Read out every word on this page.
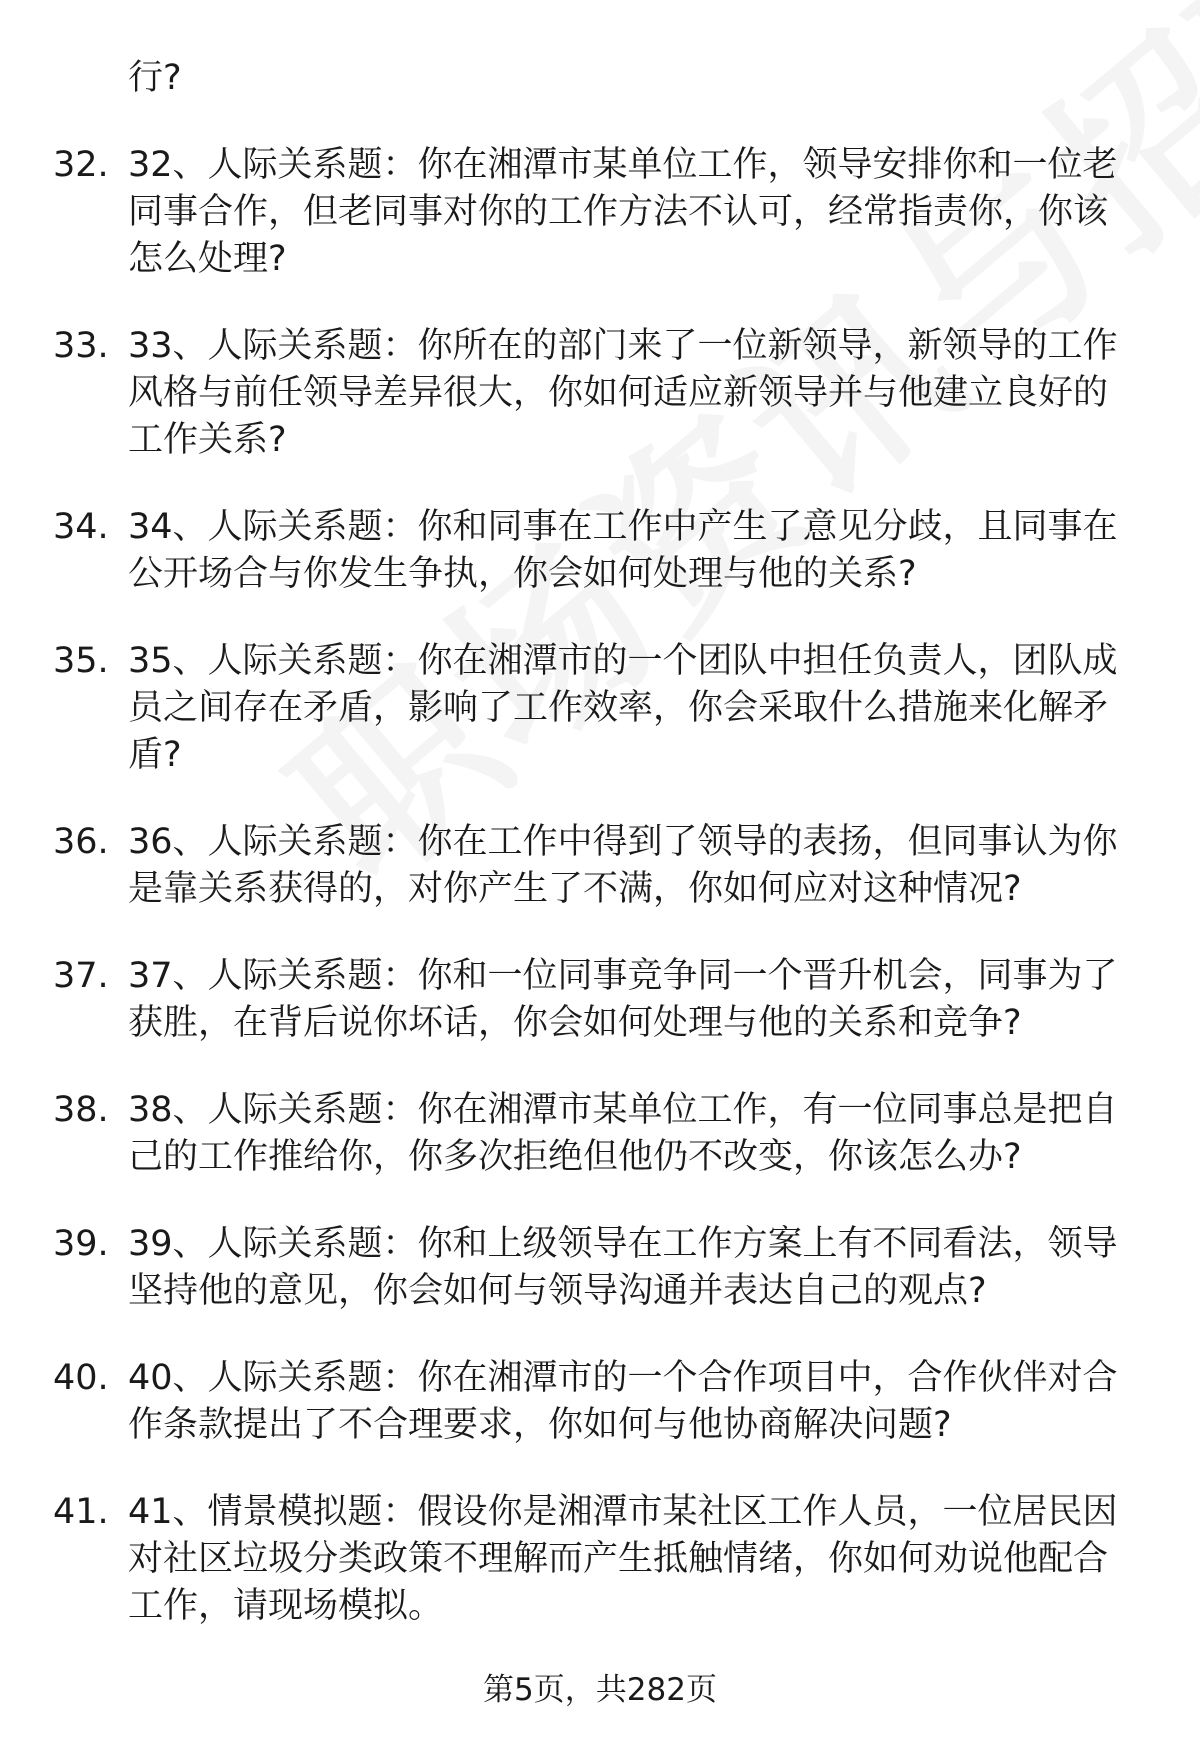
行?
32. 32、人际关系题：你在湘潭市某单位工作，领导安排你和一位老同事合作，但老同事对你的工作方法不认可，经常指责你，你该怎么处理?
33. 33、人际关系题：你所在的部门来了一位新领导，新领导的工作风格与前任领导差异很大，你如何适应新领导并与他建立良好的工作关系?
34. 34、人际关系题：你和同事在工作中产生了意见分歧，且同事在公开场合与你发生争执，你会如何处理与他的关系?
35. 35、人际关系题：你在湘潭市的一个团队中担任负责人，团队成员之间存在矛盾，影响了工作效率，你会采取什么措施来化解矛盾?
36. 36、人际关系题：你在工作中得到了领导的表扬，但同事认为你是靠关系获得的，对你产生了不满，你如何应对这种情况?
37. 37、人际关系题：你和一位同事竞争同一个晋升机会，同事为了获胜，在背后说你坏话，你会如何处理与他的关系和竞争?
38. 38、人际关系题：你在湘潭市某单位工作，有一位同事总是把自己的工作推给你，你多次拒绝但他仍不改变，你该怎么办?
39. 39、人际关系题：你和上级领导在工作方案上有不同看法，领导坚持他的意见，你会如何与领导沟通并表达自己的观点?
40. 40、人际关系题：你在湘潭市的一个合作项目中，合作伙伴对合作条款提出了不合理要求，你如何与他协商解决问题?
41. 41、情景模拟题：假设你是湘潭市某社区工作人员，一位居民因对社区垃圾分类政策不理解而产生抵触情绪，你如何劝说他配合工作，请现场模拟。
第5页，共282页
